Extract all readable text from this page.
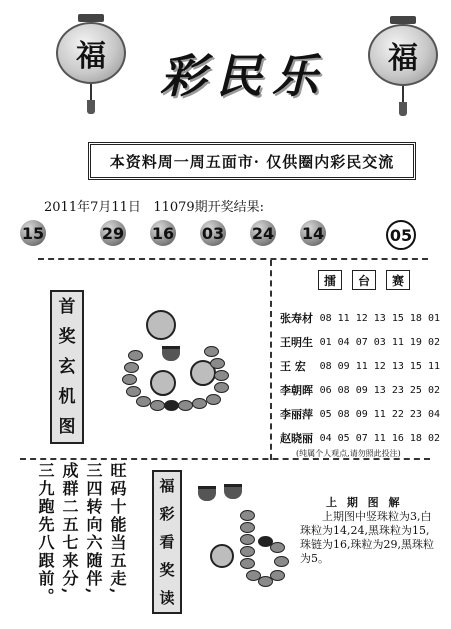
福 彩民乐 福
本资料周一周五面市· 仅供圈内彩民交流
2011年7月11日 11079期开奖结果:
15	29 16 03 24 14	05
首
奖
玄
机
图
擂	台	赛
张寿材 08 11 12 13 15 18 01
王明生 01 04 07 03 11 19 02
王 宏	08 09 11 12 13 15 11
李朝晖 06 08 09 13 23 25 02
李丽萍 05 08 09 11 22 23 04
赵晓丽 04 05 07 11 16 18 02
(纯属个人观点,请勿照此投注)
三九跑先八跟前。 成群二五七来分, 三四转向六随伴, 旺码十能当五走, 福
彩
看
奖
读
上 期 图 解
上期图中竖珠粒为3,白珠粒为14,24,黑珠粒为15,珠链为16,珠粒为29,黑珠粒为5。
